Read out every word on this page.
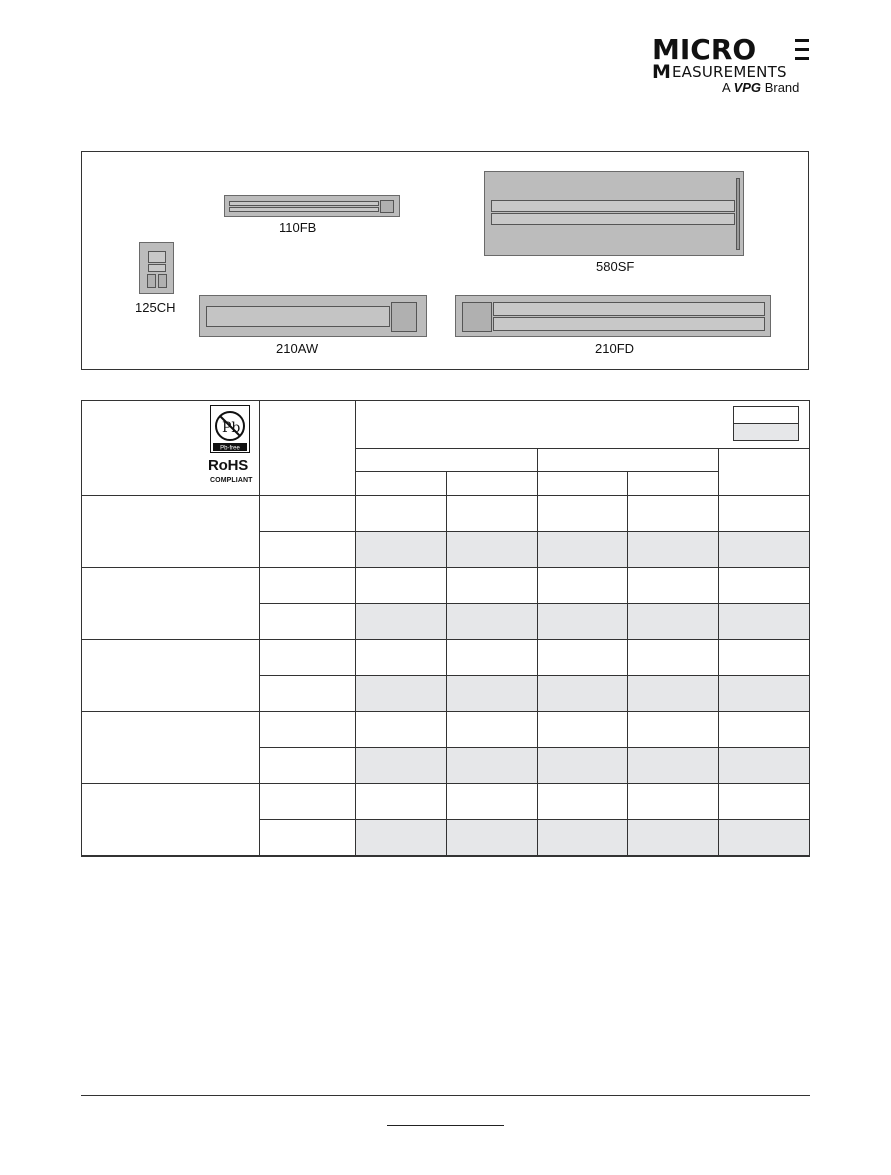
MICRO
M EASUREMENTS
A VPG Brand
110FB
580SF
125CH
210AW	210FD
Pb
Pb-free
RoHS
COMPLIANT
